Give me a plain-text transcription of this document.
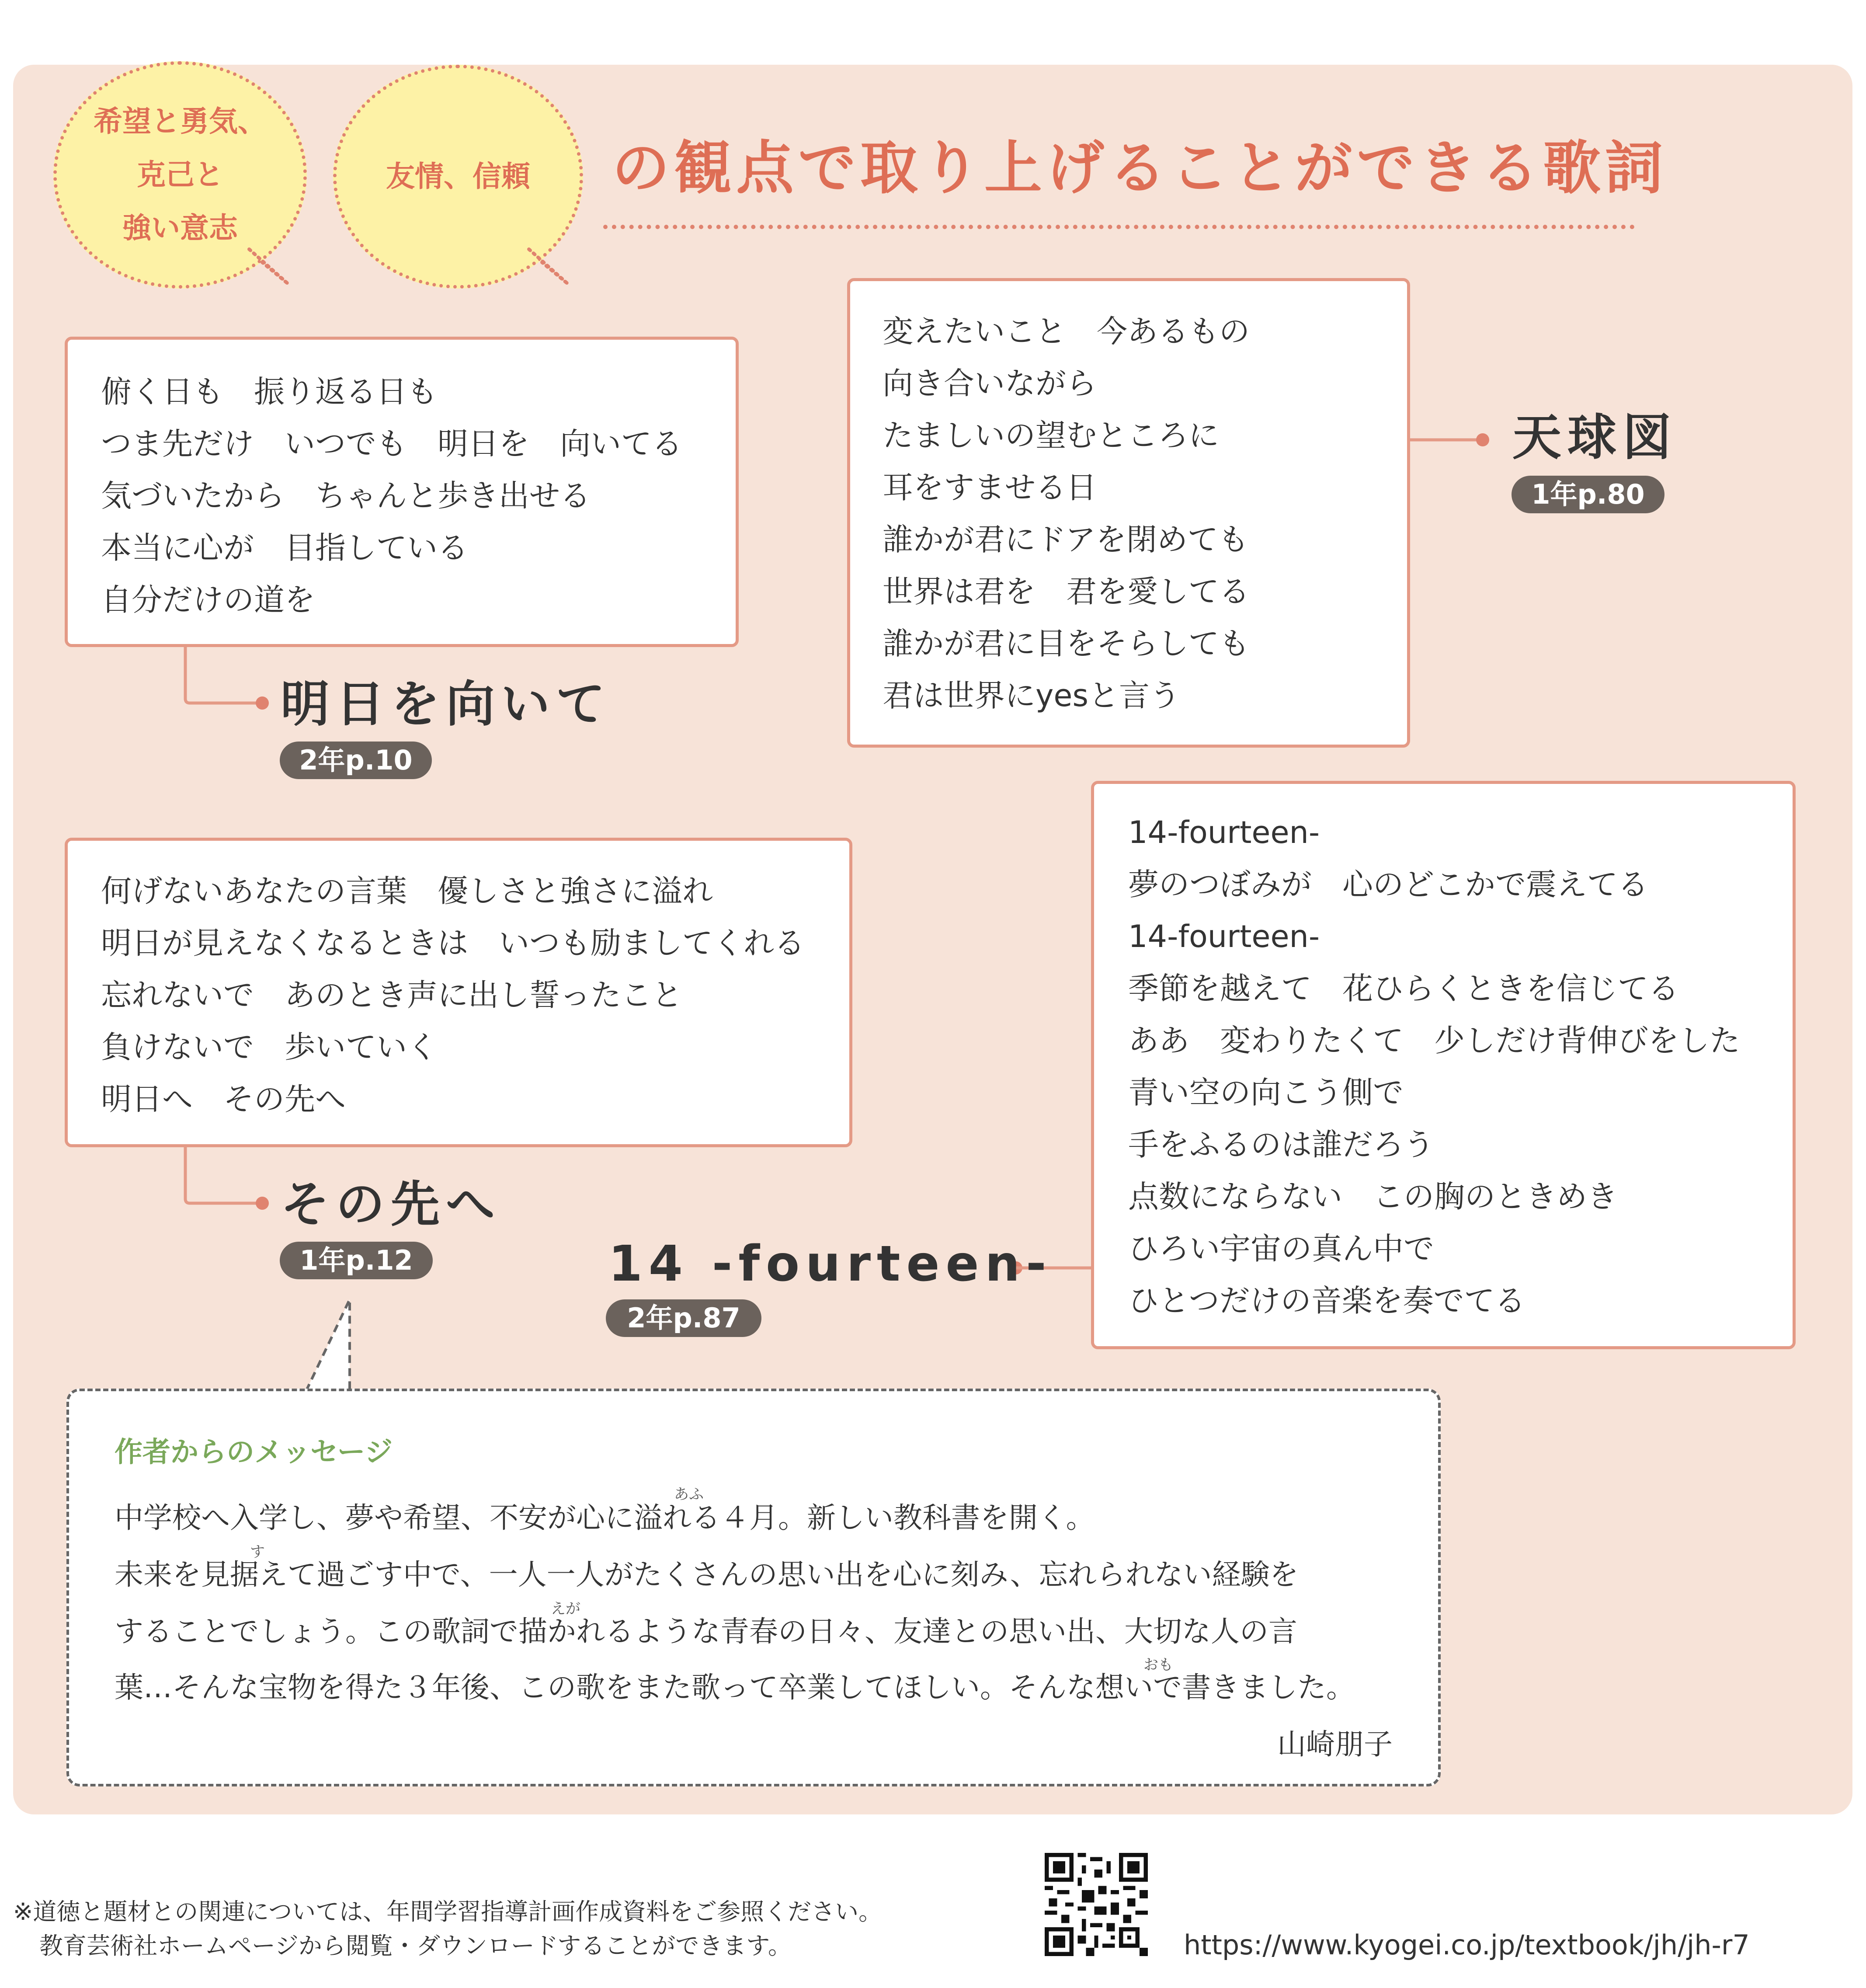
希望と勇気、
克己と
強い意志
友情、信頼 の観点で取り上げることができる歌詞
俯く日も　振り返る日も
つま先だけ　いつでも　明日を　向いてる
気づいたから　ちゃんと歩き出せる
本当に心が　目指している
自分だけの道を
明日を向いて
2年p.10
変えたいこと　今あるもの
向き合いながら
たましいの望むところに
耳をすませる日
誰かが君にドアを閉めても
世界は君を　君を愛してる
誰かが君に目をそらしても
君は世界にyesと言う
天球図
1年p.80
何げないあなたの言葉　優しさと強さに溢れ
明日が見えなくなるときは　いつも励ましてくれる
忘れないで　あのとき声に出し誓ったこと
負けないで　歩いていく
明日へ　その先へ
その先へ
1年p.12
14-fourteen-
夢のつぼみが　心のどこかで震えてる
14-fourteen-
季節を越えて　花ひらくときを信じてる
ああ　変わりたくて　少しだけ背伸びをした
青い空の向こう側で
手をふるのは誰だろう
点数にならない　この胸のときめき
ひろい宇宙の真ん中で
ひとつだけの音楽を奏でてる
14 -fourteen-
2年p.87
作者からのメッセージ
あふ
中学校へ入学し、夢や希望、不安が心に溢れる４月。新しい教科書を開く。
す
未来を見据えて過ごす中で、一人一人がたくさんの思い出を心に刻み、忘れられない経験を
えが
することでしょう。この歌詞で描かれるような青春の日々、友達との思い出、大切な人の言
おも
葉…そんな宝物を得た３年後、この歌をまた歌って卒業してほしい。そんな想いで書きました。
山崎朋子
※道徳と題材との関連については、年間学習指導計画作成資料をご参照ください。
教育芸術社ホームページから閲覧・ダウンロードすることができます。	https://www.kyogei.co.jp/textbook/jh/jh-r7
